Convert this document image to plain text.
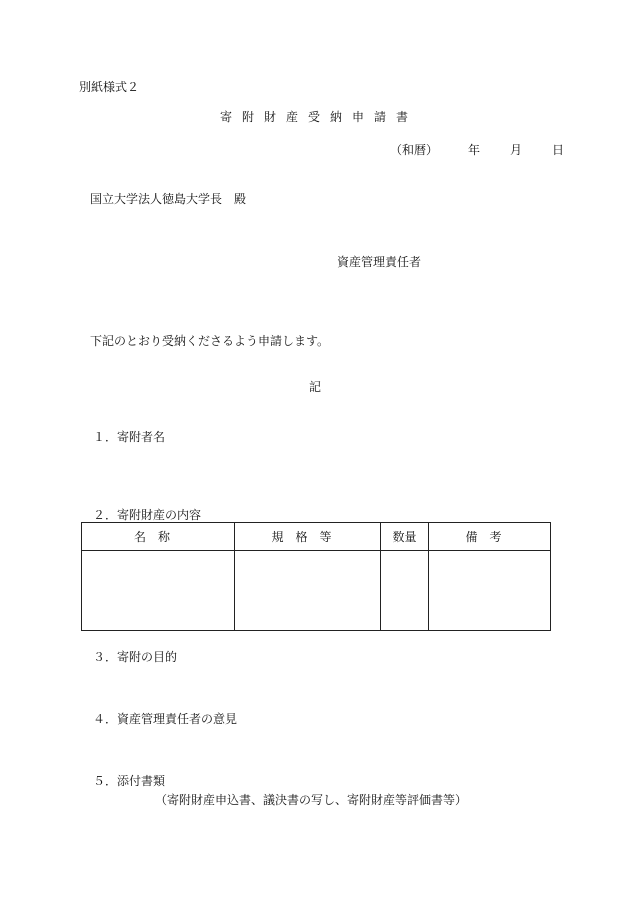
別紙様式２
寄附財産受納申請書
（和暦）	年	月	日
国立大学法人徳島大学長　殿
資産管理責任者
下記のとおり受納くださるよう申請します。
記
１．寄附者名
２．寄附財産の内容
名称	規格等	数量	備考

３．寄附の目的
４．資産管理責任者の意見
５．添付書類
（寄附財産申込書、議決書の写し、寄附財産等評価書等）
